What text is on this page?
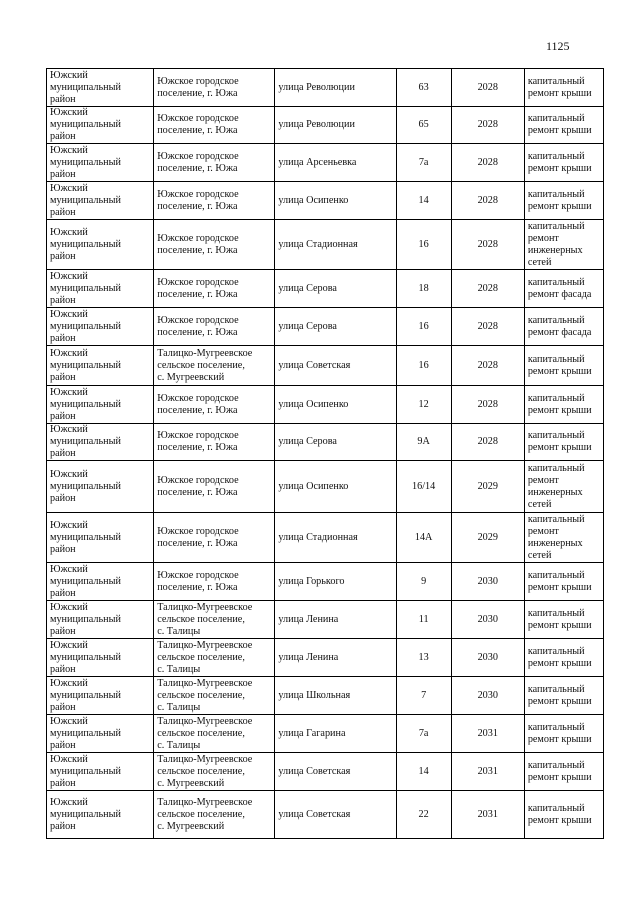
1125
Южский
муниципальный
район	Южское городское
поселение, г. Южа	улица Революции	63	2028	капитальный
ремонт крыши

Южский
муниципальный
район	Южское городское
поселение, г. Южа	улица Революции	65	2028	капитальный
ремонт крыши

Южский
муниципальный
район	Южское городское
поселение, г. Южа	улица Арсеньевка	7а	2028	капитальный
ремонт крыши

Южский
муниципальный
район	Южское городское
поселение, г. Южа	улица Осипенко	14	2028	капитальный
ремонт крыши

Южский
муниципальный
район	Южское городское
поселение, г. Южа	улица Стадионная	16	2028	капитальный
ремонт
инженерных
сетей

Южский
муниципальный
район	Южское городское
поселение, г. Южа	улица Серова	18	2028	капитальный
ремонт фасада

Южский
муниципальный
район	Южское городское
поселение, г. Южа	улица Серова	16	2028	капитальный
ремонт фасада

Южский
муниципальный
район	Талицко-Мугреевское
сельское поселение,
с. Мугреевский	улица Советская	16	2028	капитальный
ремонт крыши

Южский
муниципальный
район	Южское городское
поселение, г. Южа	улица Осипенко	12	2028	капитальный
ремонт крыши

Южский
муниципальный
район	Южское городское
поселение, г. Южа	улица Серова	9А	2028	капитальный
ремонт крыши

Южский
муниципальный
район	Южское городское
поселение, г. Южа	улица Осипенко	16/14	2029	капитальный
ремонт
инженерных
сетей

Южский
муниципальный
район	Южское городское
поселение, г. Южа	улица Стадионная	14А	2029	капитальный
ремонт
инженерных
сетей

Южский
муниципальный
район	Южское городское
поселение, г. Южа	улица Горького	9	2030	капитальный
ремонт крыши

Южский
муниципальный
район	Талицко-Мугреевское
сельское поселение,
с. Талицы	улица Ленина	11	2030	капитальный
ремонт крыши

Южский
муниципальный
район	Талицко-Мугреевское
сельское поселение,
с. Талицы	улица Ленина	13	2030	капитальный
ремонт крыши

Южский
муниципальный
район	Талицко-Мугреевское
сельское поселение,
с. Талицы	улица Школьная	7	2030	капитальный
ремонт крыши

Южский
муниципальный
район	Талицко-Мугреевское
сельское поселение,
с. Талицы	улица Гагарина	7а	2031	капитальный
ремонт крыши

Южский
муниципальный
район	Талицко-Мугреевское
сельское поселение,
с. Мугреевский	улица Советская	14	2031	капитальный
ремонт крыши

Южский
муниципальный
район	Талицко-Мугреевское
сельское поселение,
с. Мугреевский	улица Советская	22	2031	капитальный
ремонт крыши
